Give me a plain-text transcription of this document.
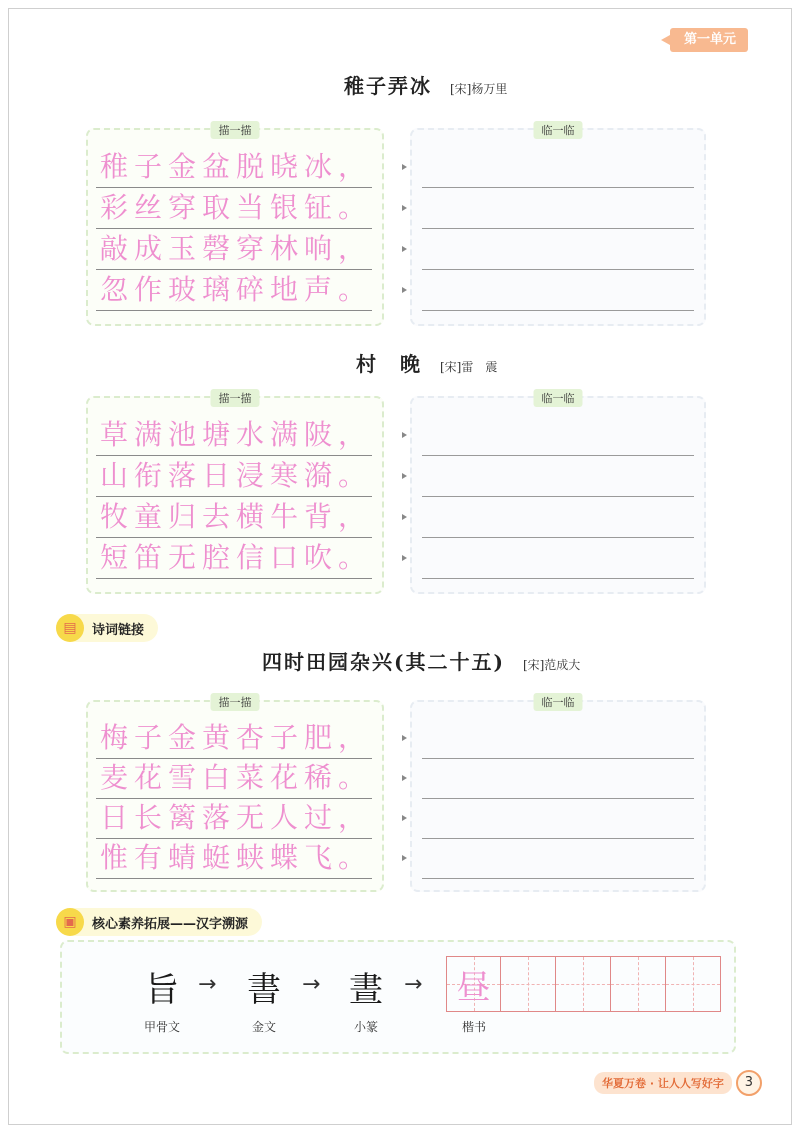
第一单元
稚子弄冰 [宋]杨万里
描一描
稚子金盆脱晓冰，
彩丝穿取当银钲。
敲成玉磬穿林响，
忽作玻璃碎地声。
临一临
村　晚 [宋]雷　震
描一描
草满池塘水满陂，
山衔落日浸寒漪。
牧童归去横牛背，
短笛无腔信口吹。
临一临
▤	诗词链接
四时田园杂兴(其二十五) [宋]范成大
描一描
梅子金黄杏子肥，
麦花雪白菜花稀。
日长篱落无人过，
惟有蜻蜓蛱蝶飞。
临一临
▣	核心素养拓展——汉字溯源
旨 → 書 → 晝 →
甲骨文	金文	小篆	楷书
昼
华夏万卷 · 让人人写好字	3
